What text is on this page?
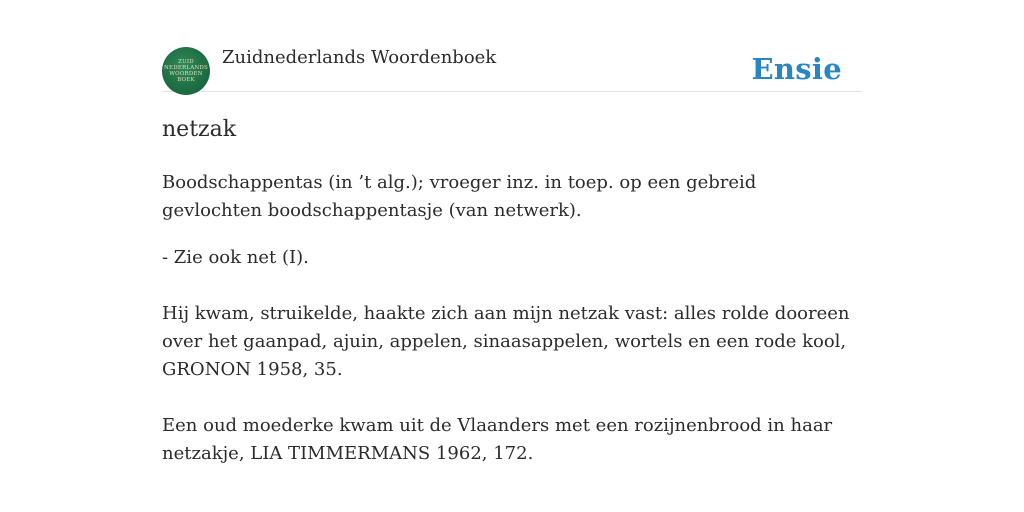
ZUID
NEDERLANDS
WOORDEN
BOEK
Zuidnederlands Woordenboek	Ensie
netzak

Boodschappentas (in ’t alg.); vroeger inz. in toep. op een gebreid gevlochten boodschappentasje (van netwerk).

- Zie ook net (I).

Hij kwam, struikelde, haakte zich aan mijn netzak vast: alles rolde dooreen over het gaanpad, ajuin, appelen, sinaasappelen, wortels en een rode kool, GRONON 1958, 35.

Een oud moederke kwam uit de Vlaanders met een rozijnenbrood in haar netzakje, LIA TIMMERMANS 1962, 172.
